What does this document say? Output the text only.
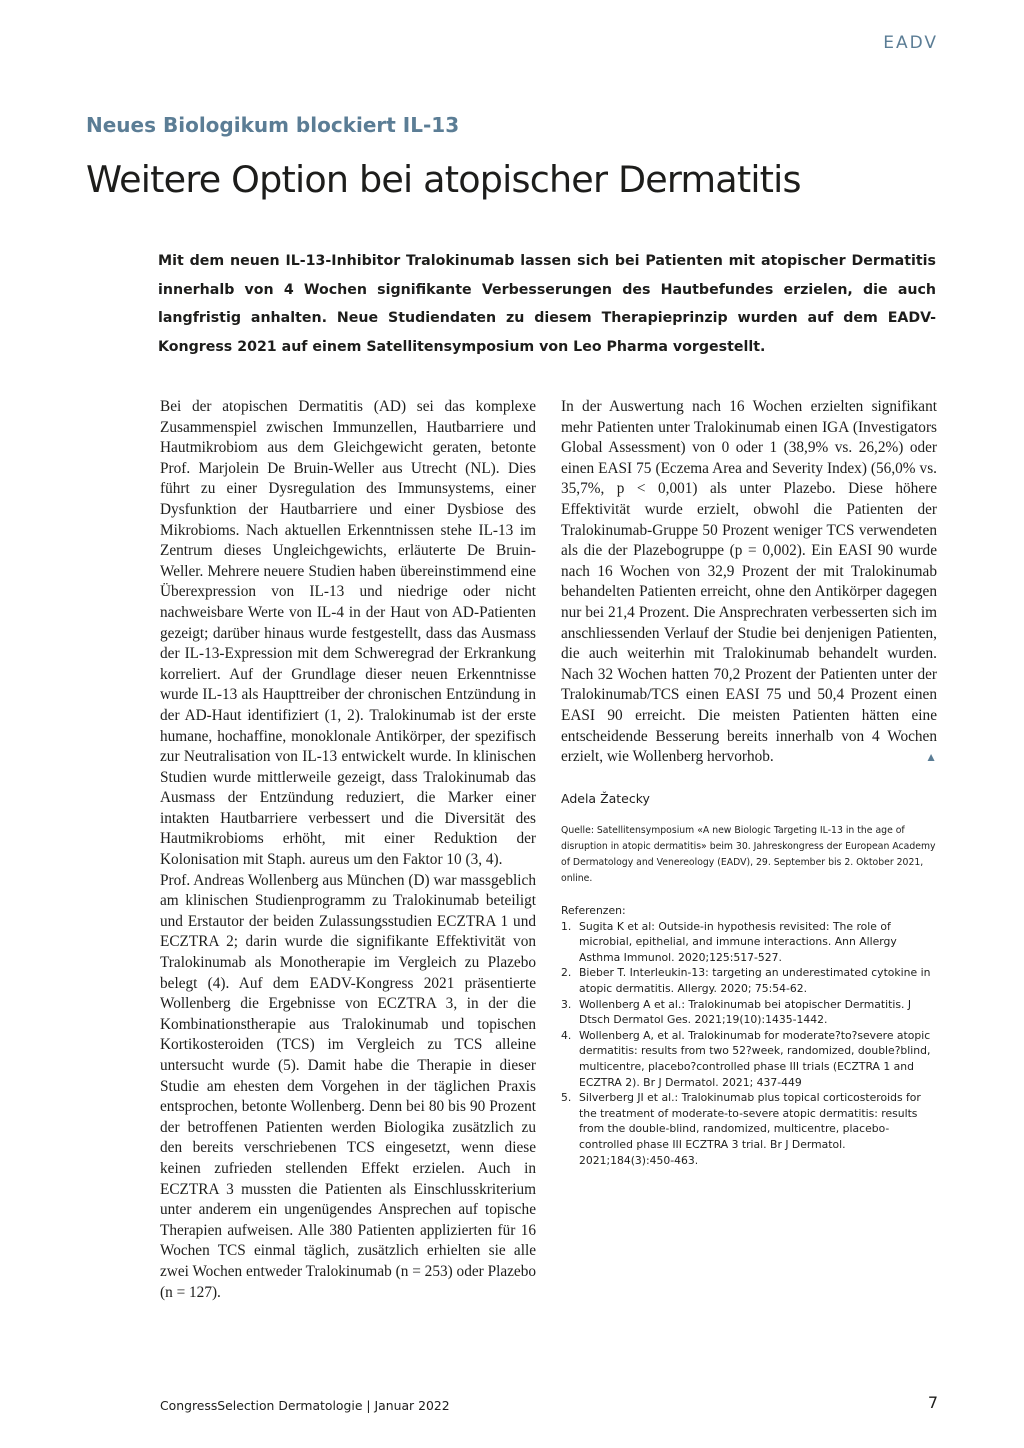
EADV
Neues Biologikum blockiert IL-13
Weitere Option bei atopischer Dermatitis

Mit dem neuen IL-13-Inhibitor Tralokinumab lassen sich bei Patienten mit atopischer Dermatitis innerhalb von 4 Wochen signifikante Verbesserungen des Hautbefundes erzielen, die auch langfristig anhalten. Neue Studiendaten zu diesem Therapieprinzip wurden auf dem EADV-Kongress 2021 auf einem Satellitensymposium von Leo Pharma vorgestellt.

Bei der atopischen Dermatitis (AD) sei das komplexe Zusammenspiel zwischen Immunzellen, Hautbarriere und Hautmikrobiom aus dem Gleichgewicht geraten, betonte Prof. Marjolein De Bruin-Weller aus Utrecht (NL). Dies führt zu einer Dysregulation des Immunsystems, einer Dysfunktion der Hautbarriere und einer Dysbiose des Mikrobioms. Nach aktuellen Erkenntnissen stehe IL-13 im Zentrum dieses Ungleichgewichts, erläuterte De Bruin-Weller. Mehrere neuere Studien haben übereinstimmend eine Überexpression von IL-13 und niedrige oder nicht nachweisbare Werte von IL-4 in der Haut von AD-Patienten gezeigt; darüber hinaus wurde festgestellt, dass das Ausmass der IL-13-Expression mit dem Schweregrad der Erkrankung korreliert. Auf der Grundlage dieser neuen Erkenntnisse wurde IL-13 als Haupttreiber der chronischen Entzündung in der AD-Haut identifiziert (1, 2). Tralokinumab ist der erste humane, hochaffine, monoklonale Antikörper, der spezifisch zur Neutralisation von IL-13 entwickelt wurde. In klinischen Studien wurde mittlerweile gezeigt, dass Tralokinumab das Ausmass der Entzündung reduziert, die Marker einer intakten Hautbarriere verbessert und die Diversität des Hautmikrobioms erhöht, mit einer Reduktion der Kolonisation mit Staph. aureus um den Faktor 10 (3, 4).

Prof. Andreas Wollenberg aus München (D) war massgeblich am klinischen Studienprogramm zu Tralokinumab beteiligt und Erstautor der beiden Zulassungsstudien ECZTRA 1 und ECZTRA 2; darin wurde die signifikante Effektivität von Tralokinumab als Monotherapie im Vergleich zu Plazebo belegt (4). Auf dem EADV-Kongress 2021 präsentierte Wollenberg die Ergebnisse von ECZTRA 3, in der die Kombinationstherapie aus Tralokinumab und topischen Kortikosteroiden (TCS) im Vergleich zu TCS alleine untersucht wurde (5). Damit habe die Therapie in dieser Studie am ehesten dem Vorgehen in der täglichen Praxis entsprochen, betonte Wollenberg. Denn bei 80 bis 90 Prozent der betroffenen Patienten werden Biologika zusätzlich zu den bereits verschriebenen TCS eingesetzt, wenn diese keinen zufrieden stellenden Effekt erzielen. Auch in ECZTRA 3 mussten die Patienten als Einschlusskriterium unter anderem ein ungenügendes Ansprechen auf topische Therapien aufweisen. Alle 380 Patienten applizierten für 16 Wochen TCS einmal täglich, zusätzlich erhielten sie alle zwei Wochen entweder Tralokinumab (n = 253) oder Plazebo (n = 127).

In der Auswertung nach 16 Wochen erzielten signifikant mehr Patienten unter Tralokinumab einen IGA (Investigators Global Assessment) von 0 oder 1 (38,9% vs. 26,2%) oder einen EASI 75 (Eczema Area and Severity Index) (56,0% vs. 35,7%, p < 0,001) als unter Plazebo. Diese höhere Effektivität wurde erzielt, obwohl die Patienten der Tralokinumab-Gruppe 50 Prozent weniger TCS verwendeten als die der Plazebogruppe (p = 0,002). Ein EASI 90 wurde nach 16 Wochen von 32,9 Prozent der mit Tralokinumab behandelten Patienten erreicht, ohne den Antikörper dagegen nur bei 21,4 Prozent. Die Ansprechraten verbesserten sich im anschliessenden Verlauf der Studie bei denjenigen Patienten, die auch weiterhin mit Tralokinumab behandelt wurden. Nach 32 Wochen hatten 70,2 Prozent der Patienten unter der Tralokinumab/TCS einen EASI 75 und 50,4 Prozent einen EASI 90 erreicht. Die meisten Patienten hätten eine entscheidende Besserung bereits innerhalb von 4 Wochen erzielt, wie Wollenberg hervorhob.	▲

Adela Žatecky

Quelle: Satellitensymposium «A new Biologic Targeting IL-13 in the age of disruption in atopic dermatitis» beim 30. Jahreskongress der European Academy of Dermatology and Venereology (EADV), 29. September bis 2. Oktober 2021, online.

Referenzen:
1. Sugita K et al: Outside-in hypothesis revisited: The role of microbial, epithelial, and immune interactions. Ann Allergy Asthma Immunol. 2020;125:517-527.
2. Bieber T. Interleukin-13: targeting an underestimated cytokine in atopic dermatitis. Allergy. 2020; 75:54-62.
3. Wollenberg A et al.: Tralokinumab bei atopischer Dermatitis. J Dtsch Dermatol Ges. 2021;19(10):1435-1442.
4. Wollenberg A, et al. Tralokinumab for moderate?to?severe atopic dermatitis: results from two 52?week, randomized, double?blind, multicentre, placebo?controlled phase III trials (ECZTRA 1 and ECZTRA 2). Br J Dermatol. 2021; 437-449
5. Silverberg JI et al.: Tralokinumab plus topical corticosteroids for the treatment of moderate-to-severe atopic dermatitis: results from the double-blind, randomized, multicentre, placebo-controlled phase III ECZTRA 3 trial. Br J Dermatol. 2021;184(3):450-463.
CongressSelection Dermatologie | Januar 2022	7
